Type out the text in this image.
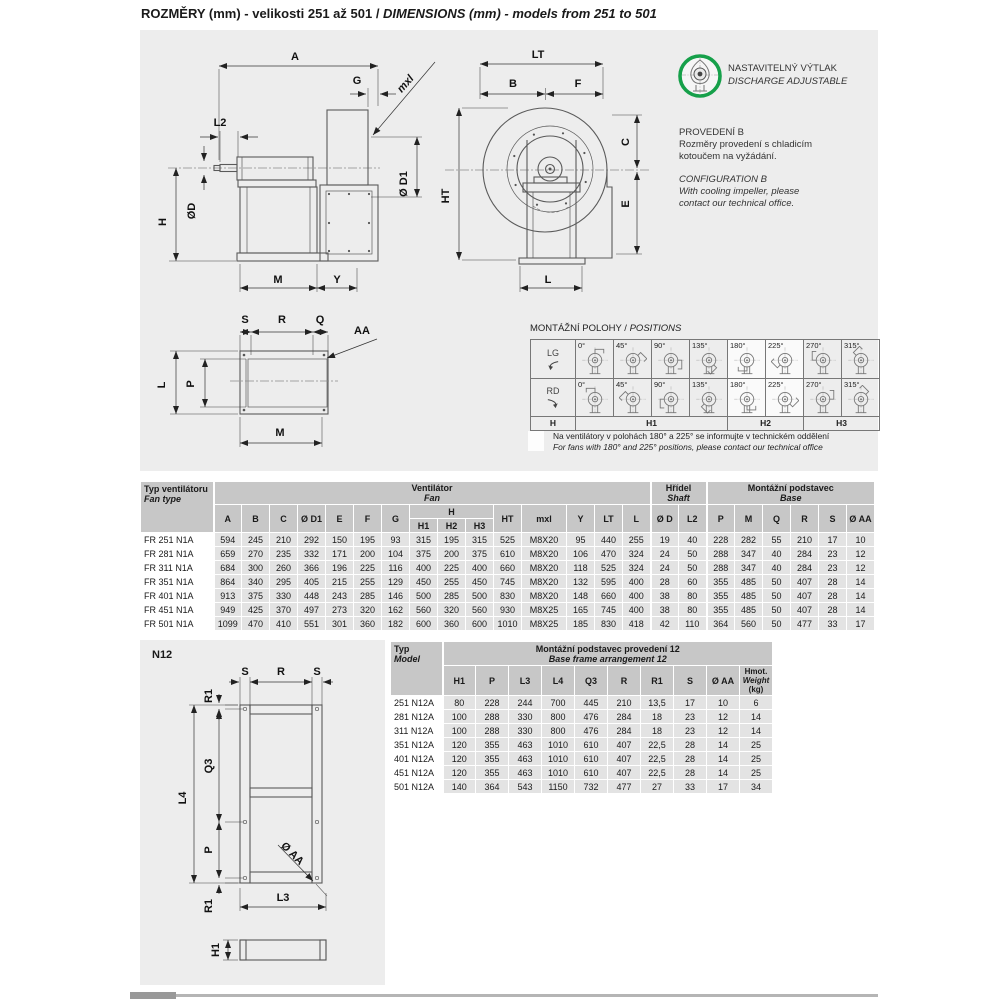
ROZMĚRY (mm) - velikosti 251 až 501 / DIMENSIONS (mm) - models from 251 to 501
A
G	mxl
L2
ØD
H
Ø D1
M	Y
LT
B	F
HT
C
E
L
NASTAVITELNÝ VÝTLAK
DISCHARGE ADJUSTABLE
PROVEDENÍ B
Rozměry provedení s chladicím
kotoučem na vyžádání.
CONFIGURATION B
With cooling impeller, please
contact our technical office.
S	R	Q
AA
L P
M
MONTÁŽNÍ POLOHY / POSITIONS
LG
0°	45°	90°	135°	180°	225°	270°	315°
RD
0°	45°	90°	135°	180°	225°	270°	315°
H	H1	H2	H3
Na ventilátory v polohách 180° a 225° se informujte v technickém oddělení
For fans with 180° and 225° positions, please contact our technical office
Typ ventilátoru
Fan type

Ventilátor
Fan

Hřídel
Shaft

Montážní podstavec
Base

	A	B	C	Ø D1	E	F	G	H			HT	mxl	Y	LT	L	Ø D	L2	P	M	Q	R	S	Ø AA
								H1	H2	H3													
FR 251 N1A	594	245	210	292	150	195	93	315	195	315	525	M8X20	95	440	255	19	40	228	282	55	210	17	10
FR 281 N1A	659	270	235	332	171	200	104	375	200	375	610	M8X20	106	470	324	24	50	288	347	40	284	23	12
FR 311 N1A	684	300	260	366	196	225	116	400	225	400	660	M8X20	118	525	324	24	50	288	347	40	284	23	12
FR 351 N1A	864	340	295	405	215	255	129	450	255	450	745	M8X20	132	595	400	28	60	355	485	50	407	28	14
FR 401 N1A	913	375	330	448	243	285	146	500	285	500	830	M8X20	148	660	400	38	80	355	485	50	407	28	14
FR 451 N1A	949	425	370	497	273	320	162	560	320	560	930	M8X25	165	745	400	38	80	355	485	50	407	28	14
FR 501 N1A	1099	470	410	551	301	360	182	600	360	600	1010	M8X25	185	830	418	42	110	364	560	50	477	33	17
N12
S	R	S
R1
Q3
P
R1
L4
Ø AA
L3
H1
Typ
Model

Montážní podstavec provedení 12
Base frame arrangement 12

	H1	P	L3	L4	Q3	R	R1	S	Ø AA	Hmot.
Weight
(kg)

251 N12A	80	228	244	700	445	210	13,5	17	10	6
281 N12A	100	288	330	800	476	284	18	23	12	14
311 N12A	100	288	330	800	476	284	18	23	12	14
351 N12A	120	355	463	1010	610	407	22,5	28	14	25
401 N12A	120	355	463	1010	610	407	22,5	28	14	25
451 N12A	120	355	463	1010	610	407	22,5	28	14	25
501 N12A	140	364	543	1150	732	477	27	33	17	34
